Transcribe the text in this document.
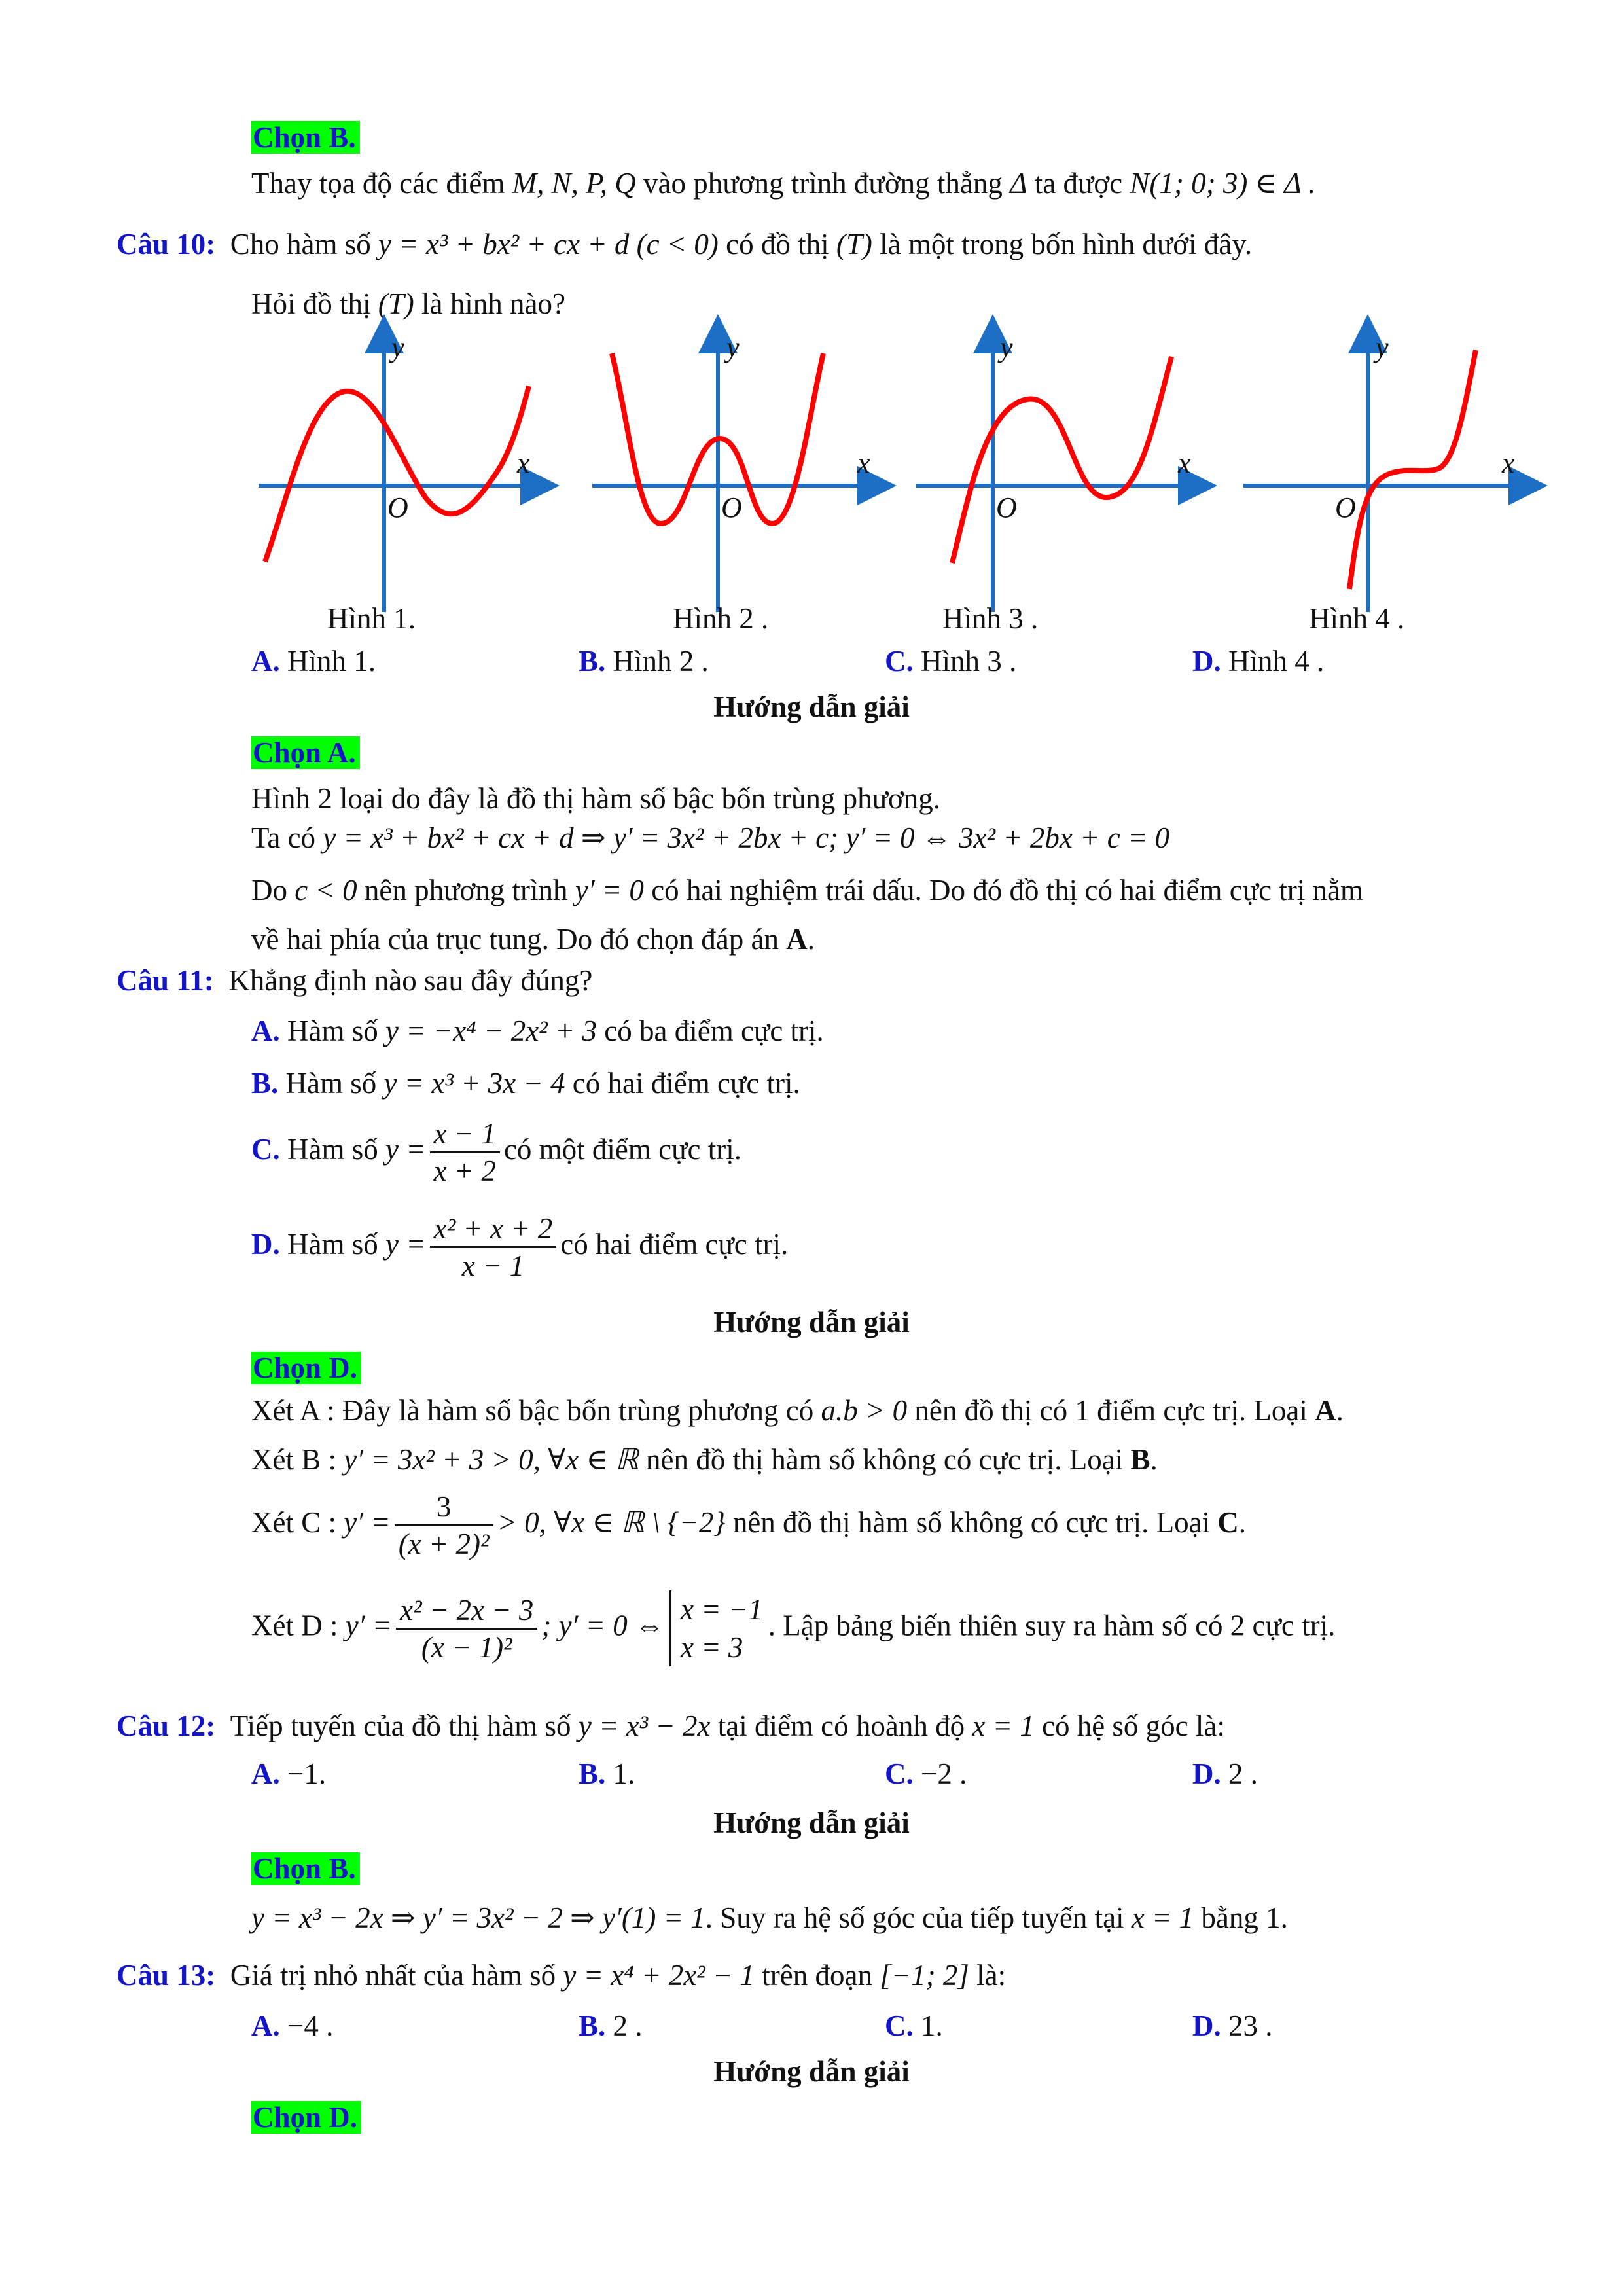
Chọn B.
Thay tọa độ các điểm M, N, P, Q vào phương trình đường thẳng Δ ta được N(1; 0; 3) ∈ Δ .
Câu 10: Cho hàm số y = x³ + bx² + cx + d (c < 0) có đồ thị (T) là một trong bốn hình dưới đây.
Hỏi đồ thị (T) là hình nào?
y
x
O
y
x
O
y
x
O
y
x
O
Hình 1.	Hình 2 .	Hình 3 .	Hình 4 .
A. Hình 1.	B. Hình 2 .	C. Hình 3 .	D. Hình 4 .
Hướng dẫn giải
Chọn A.
Hình 2 loại do đây là đồ thị hàm số bậc bốn trùng phương.
Ta có y = x³ + bx² + cx + d ⇒ y′ = 3x² + 2bx + c; y′ = 0 ⇔ 3x² + 2bx + c = 0
Do c < 0 nên phương trình y′ = 0 có hai nghiệm trái dấu. Do đó đồ thị có hai điểm cực trị nằm
về hai phía của trục tung. Do đó chọn đáp án A.
Câu 11: Khẳng định nào sau đây đúng?
A. Hàm số y = −x⁴ − 2x² + 3 có ba điểm cực trị.
B. Hàm số y = x³ + 3x − 4 có hai điểm cực trị.
C. Hàm số $y = \frac{x - 1}{x + 2}$ có một điểm cực trị.
D. Hàm số $y = \frac{\text{x² + x + 2}}{x - 1}$ có hai điểm cực trị.
Hướng dẫn giải
Chọn D.
Xét A : Đây là hàm số bậc bốn trùng phương có a.b > 0 nên đồ thị có 1 điểm cực trị. Loại A.
Xét B : y′ = 3x² + 3 > 0, ∀x ∈ ℝ nên đồ thị hàm số không có cực trị. Loại B.
Xét C : $y' = \frac{3}{\text{(x + 2)²}} > 0$, ∀x ∈ ℝ \ {−2} nên đồ thị hàm số không có cực trị. Loại C.
Xét D : $y' = \frac{\text{x² − 2x − 3}}{\text{(x − 1)²}}$ ; y′ = 0 ⇔ x = −1
x = 3
. Lập bảng biến thiên suy ra hàm số có 2 cực trị.
Câu 12: Tiếp tuyến của đồ thị hàm số y = x³ − 2x tại điểm có hoành độ x = 1 có hệ số góc là:
A. −1.	B. 1.	C. −2 .	D. 2 .
Hướng dẫn giải
Chọn B.
y = x³ − 2x ⇒ y′ = 3x² − 2 ⇒ y′(1) = 1. Suy ra hệ số góc của tiếp tuyến tại x = 1 bằng 1.
Câu 13: Giá trị nhỏ nhất của hàm số y = x⁴ + 2x² − 1 trên đoạn [−1; 2] là:
A. −4 .	B. 2 .	C. 1.	D. 23 .
Hướng dẫn giải
Chọn D.
